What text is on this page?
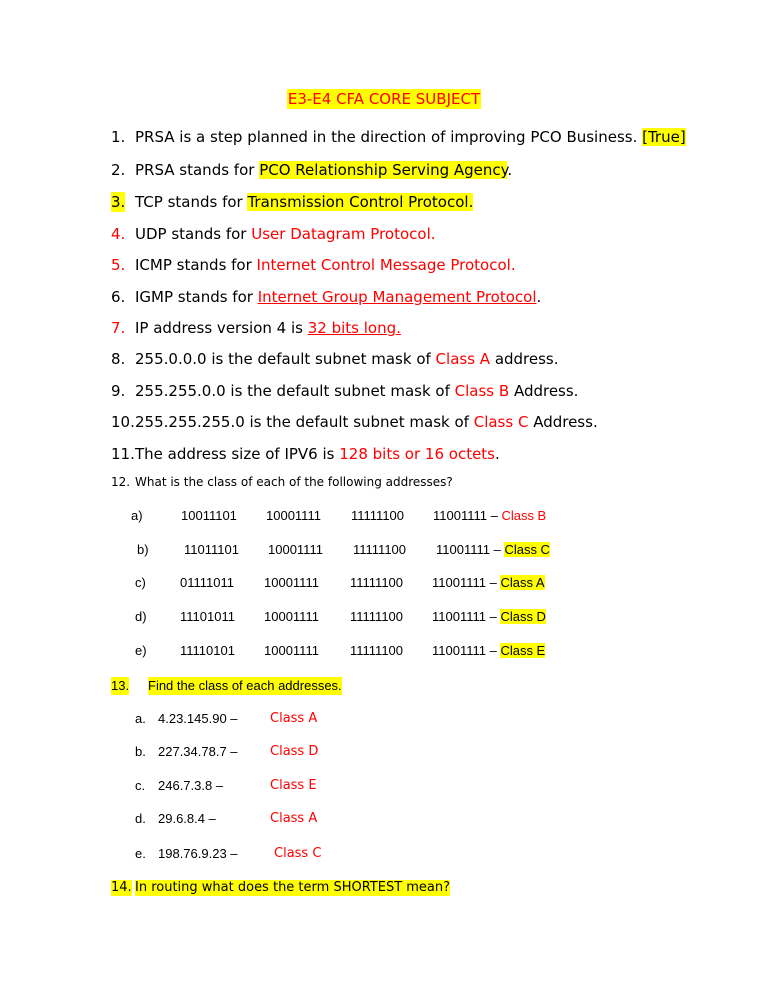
E3-E4 CFA CORE SUBJECT
1. PRSA is a step planned in the direction of improving PCO Business. [True]
2. PRSA stands for PCO Relationship Serving Agency.
3. TCP stands for Transmission Control Protocol.
4. UDP stands for User Datagram Protocol.
5. ICMP stands for Internet Control Message Protocol.
6. IGMP stands for Internet Group Management Protocol.
7. IP address version 4 is 32 bits long.
8. 255.0.0.0 is the default subnet mask of Class A address.
9. 255.255.0.0 is the default subnet mask of Class B Address.
10. 255.255.255.0 is the default subnet mask of Class C Address.
11. The address size of IPV6 is 128 bits or 16 octets.
12. What is the class of each of the following addresses?
a)	10011101 10001111 11111100 11001111 – Class B
b)	11011101 10001111 11111100 11001111 – Class C
c)	01111011 10001111 11111100 11001111 – Class A
d)	11101011 10001111 11111100 11001111 – Class D
e)	11110101 10001111 11111100 11001111 – Class E
13. Find the class of each addresses.
a. 4.23.145.90 – Class A
b. 227.34.78.7 – Class D
c. 246.7.3.8 –	Class E
d. 29.6.8.4 –	Class A
e. 198.76.9.23 –	Class C
14. In routing what does the term SHORTEST mean?
